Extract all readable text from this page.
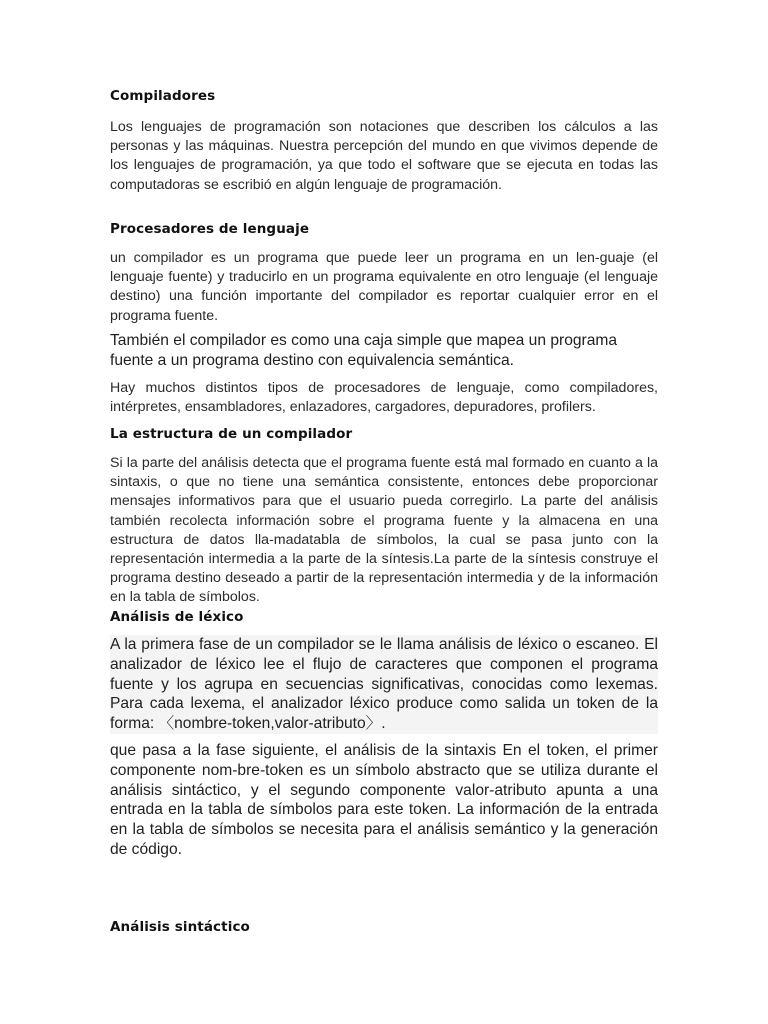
Compiladores

Los lenguajes de programación son notaciones que describen los cálculos a las personas y las máquinas. Nuestra percepción del mundo en que vivimos depende de los lenguajes de programación, ya que todo el software que se ejecuta en todas las computadoras se escribió en algún lenguaje de programación.

Procesadores de lenguaje

un compilador es un programa que puede leer un programa en un len-guaje (el lenguaje fuente) y traducirlo en un programa equivalente en otro lenguaje (el lenguaje destino) una función importante del compilador es reportar cualquier error en el programa fuente.

También el compilador es como una caja simple que mapea un programa fuente a un programa destino con equivalencia semántica.

Hay muchos distintos tipos de procesadores de lenguaje, como compiladores, intérpretes, ensambladores, enlazadores, cargadores, depuradores, profilers.

La estructura de un compilador

Si la parte del análisis detecta que el programa fuente está mal formado en cuanto a la sintaxis, o que no tiene una semántica consistente, entonces debe proporcionar mensajes informativos para que el usuario pueda corregirlo. La parte del análisis también recolecta información sobre el programa fuente y la almacena en una estructura de datos lla-madatabla de símbolos, la cual se pasa junto con la representación intermedia a la parte de la síntesis.La parte de la síntesis construye el programa destino deseado a partir de la representación intermedia y de la información en la tabla de símbolos.

Análisis de léxico

A la primera fase de un compilador se le llama análisis de léxico o escaneo. El analizador de léxico lee el flujo de caracteres que componen el programa fuente y los agrupa en secuencias significativas, conocidas como lexemas. Para cada lexema, el analizador léxico produce como salida un token de la forma: 〈nombre-token,valor-atributo〉.

que pasa a la fase siguiente, el análisis de la sintaxis En el token, el primer componente nom-bre-token es un símbolo abstracto que se utiliza durante el análisis sintáctico, y el segundo componente valor-atributo apunta a una entrada en la tabla de símbolos para este token. La información de la entrada en la tabla de símbolos se necesita para el análisis semántico y la generación de código.

Análisis sintáctico
